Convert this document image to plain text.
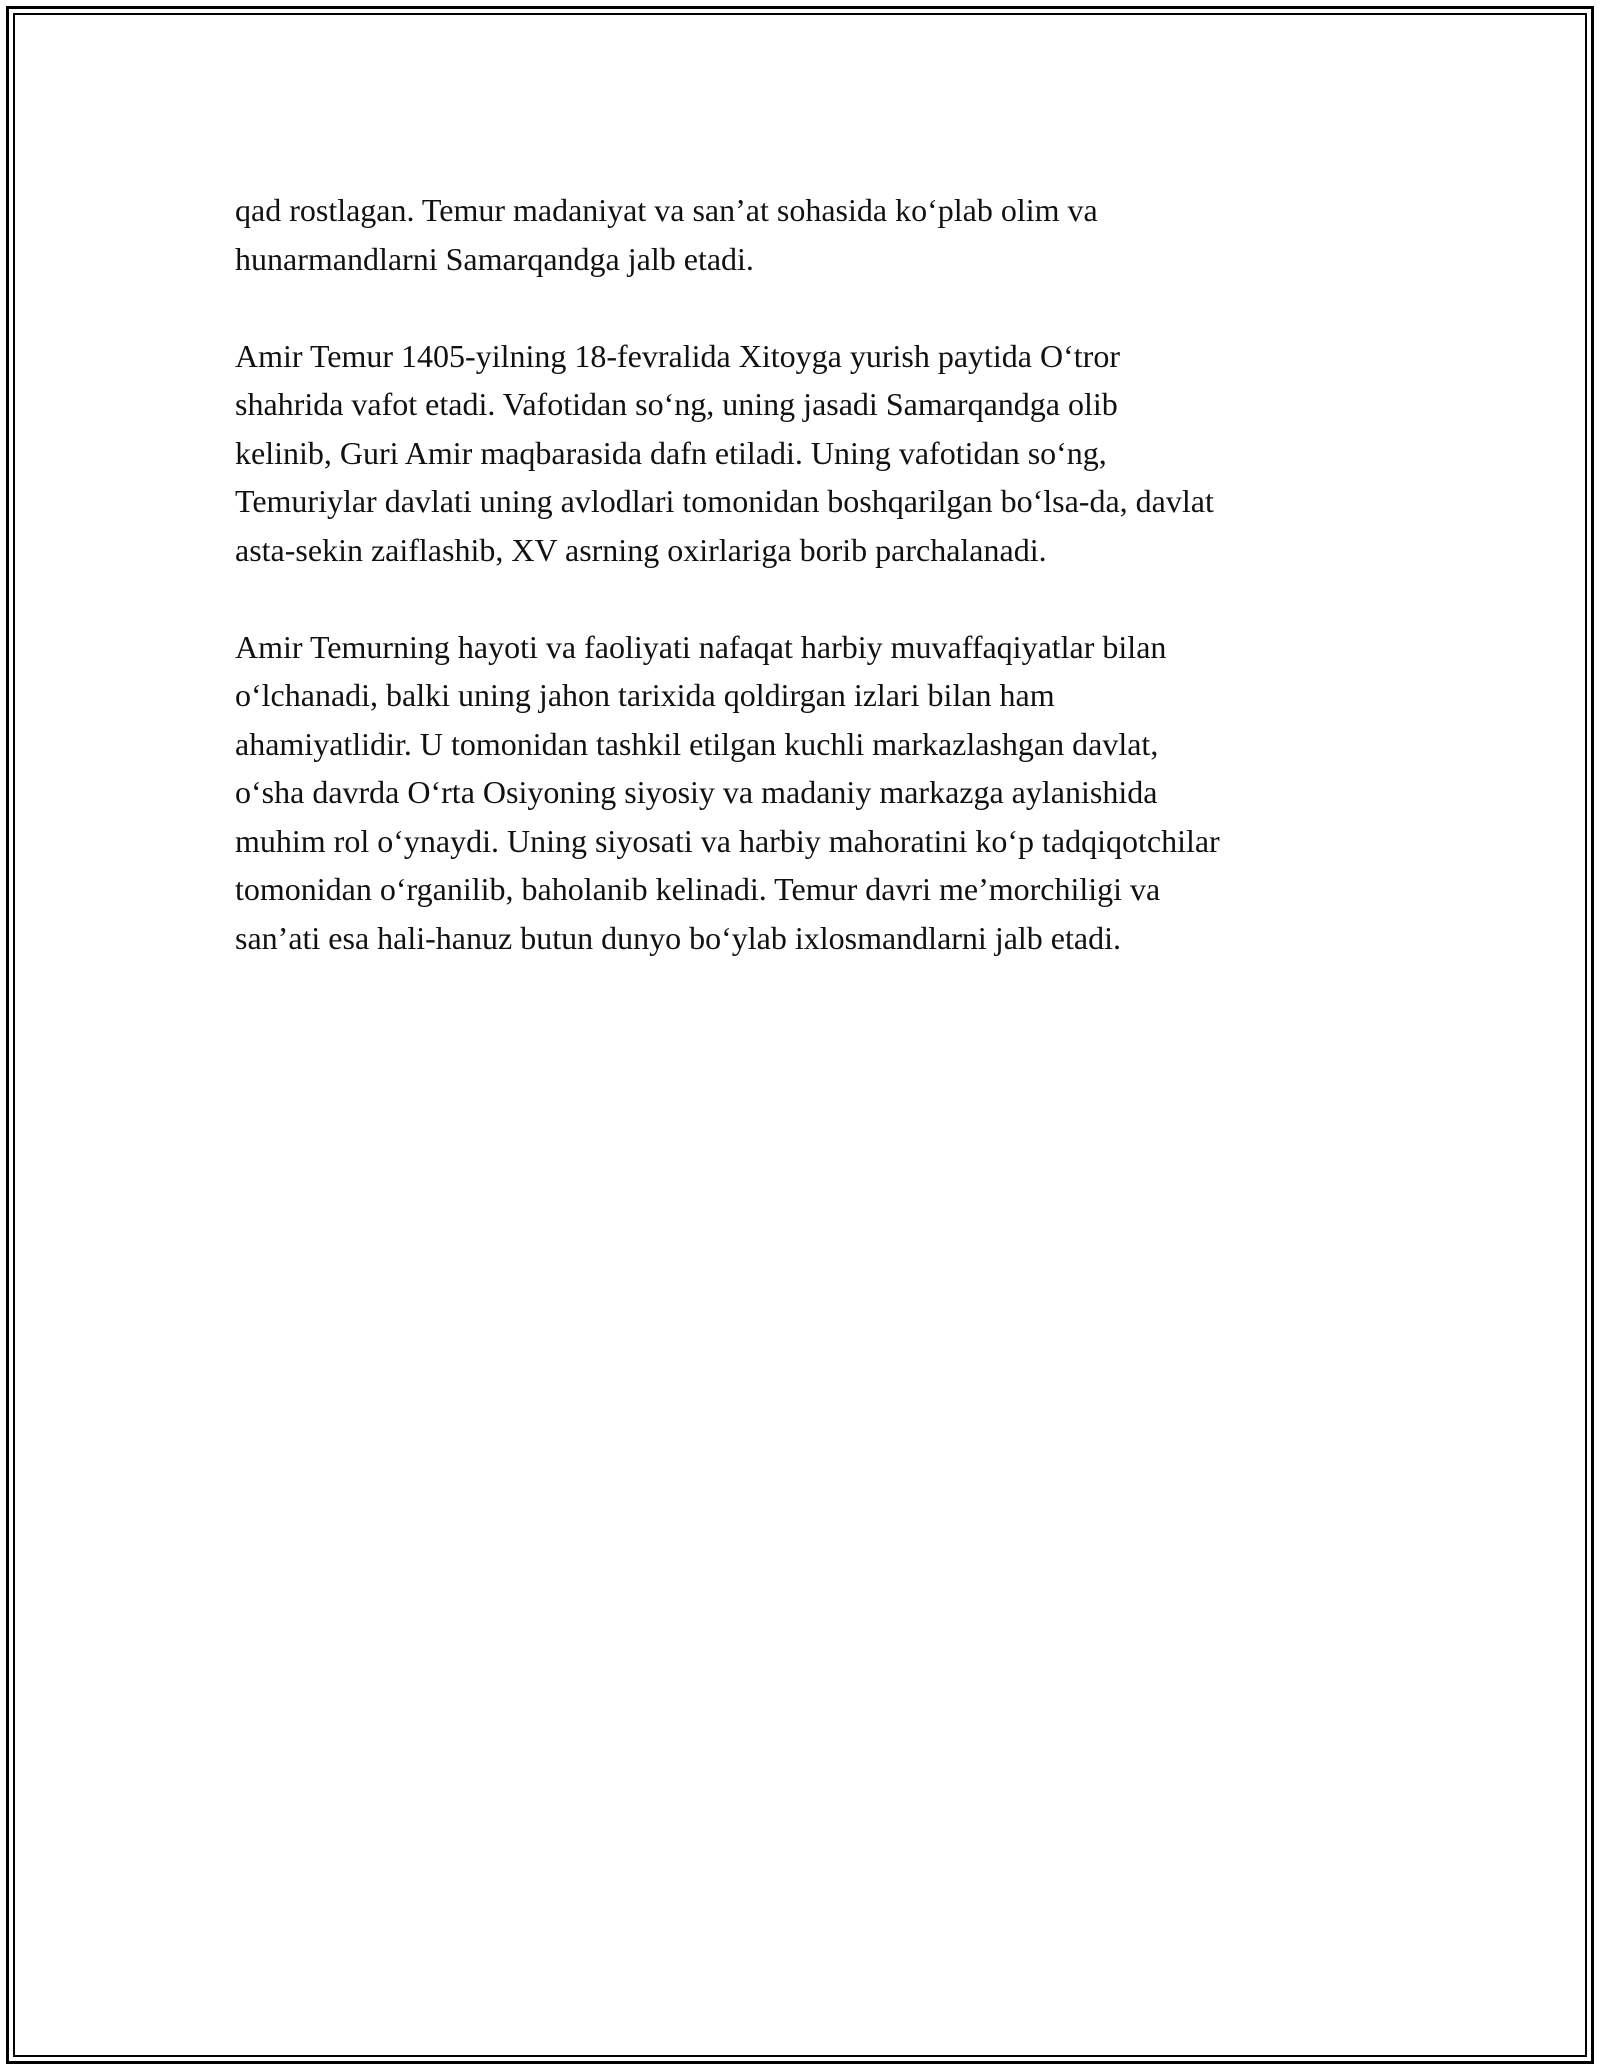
qad rostlagan. Temur madaniyat va san’at sohasida ko‘plab olim va
hunarmandlarni Samarqandga jalb etadi.

Amir Temur 1405-yilning 18-fevralida Xitoyga yurish paytida O‘tror
shahrida vafot etadi. Vafotidan so‘ng, uning jasadi Samarqandga olib
kelinib, Guri Amir maqbarasida dafn etiladi. Uning vafotidan so‘ng,
Temuriylar davlati uning avlodlari tomonidan boshqarilgan bo‘lsa-da, davlat
asta-sekin zaiflashib, XV asrning oxirlariga borib parchalanadi.

Amir Temurning hayoti va faoliyati nafaqat harbiy muvaffaqiyatlar bilan
o‘lchanadi, balki uning jahon tarixida qoldirgan izlari bilan ham
ahamiyatlidir. U tomonidan tashkil etilgan kuchli markazlashgan davlat,
o‘sha davrda O‘rta Osiyoning siyosiy va madaniy markazga aylanishida
muhim rol o‘ynaydi. Uning siyosati va harbiy mahoratini ko‘p tadqiqotchilar
tomonidan o‘rganilib, baholanib kelinadi. Temur davri me’morchiligi va
san’ati esa hali-hanuz butun dunyo bo‘ylab ixlosmandlarni jalb etadi.
